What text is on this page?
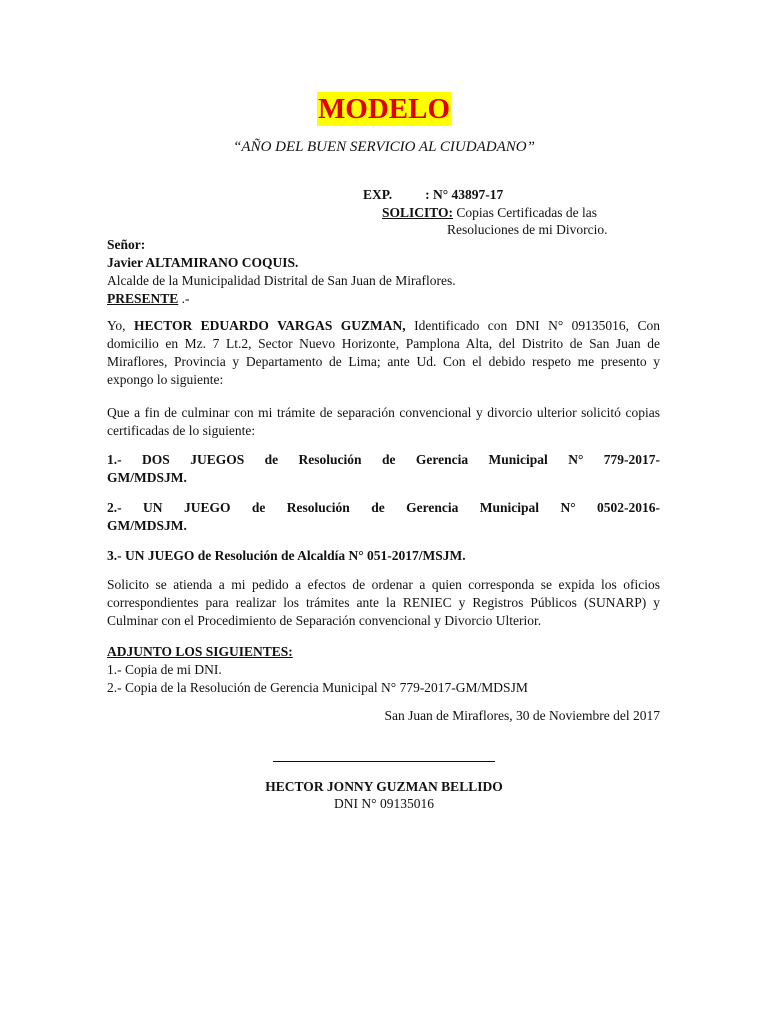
MODELO
“AÑO DEL BUEN SERVICIO AL CIUDADANO”
EXP. : N° 43897-17
SOLICITO: Copias Certificadas de las
Resoluciones de mi Divorcio.
Señor:
Javier ALTAMIRANO COQUIS.
Alcalde de la Municipalidad Distrital de San Juan de Miraflores.
PRESENTE .-
Yo, HECTOR EDUARDO VARGAS GUZMAN, Identificado con DNI N° 09135016, Con domicilio en Mz. 7 Lt.2, Sector Nuevo Horizonte, Pamplona Alta, del Distrito de San Juan de Miraflores, Provincia y Departamento de Lima; ante Ud. Con el debido respeto me presento y expongo lo siguiente:
Que a fin de culminar con mi trámite de separación convencional y divorcio ulterior solicitó copias certificadas de lo siguiente:
1.- DOS JUEGOS de Resolución de Gerencia Municipal N° 779-2017-
GM/MDSJM.
2.- UN JUEGO de Resolución de Gerencia Municipal N° 0502-2016-
GM/MDSJM.
3.- UN JUEGO de Resolución de Alcaldía N° 051-2017/MSJM.
Solicito se atienda a mi pedido a efectos de ordenar a quien corresponda se expida los oficios correspondientes para realizar los trámites ante la RENIEC y Registros Públicos (SUNARP) y Culminar con el Procedimiento de Separación convencional y Divorcio Ulterior.
ADJUNTO LOS SIGUIENTES:
1.- Copia de mi DNI.
2.- Copia de la Resolución de Gerencia Municipal N° 779-2017-GM/MDSJM
San Juan de Miraflores, 30 de Noviembre del 2017
HECTOR JONNY GUZMAN BELLIDO
DNI N° 09135016
